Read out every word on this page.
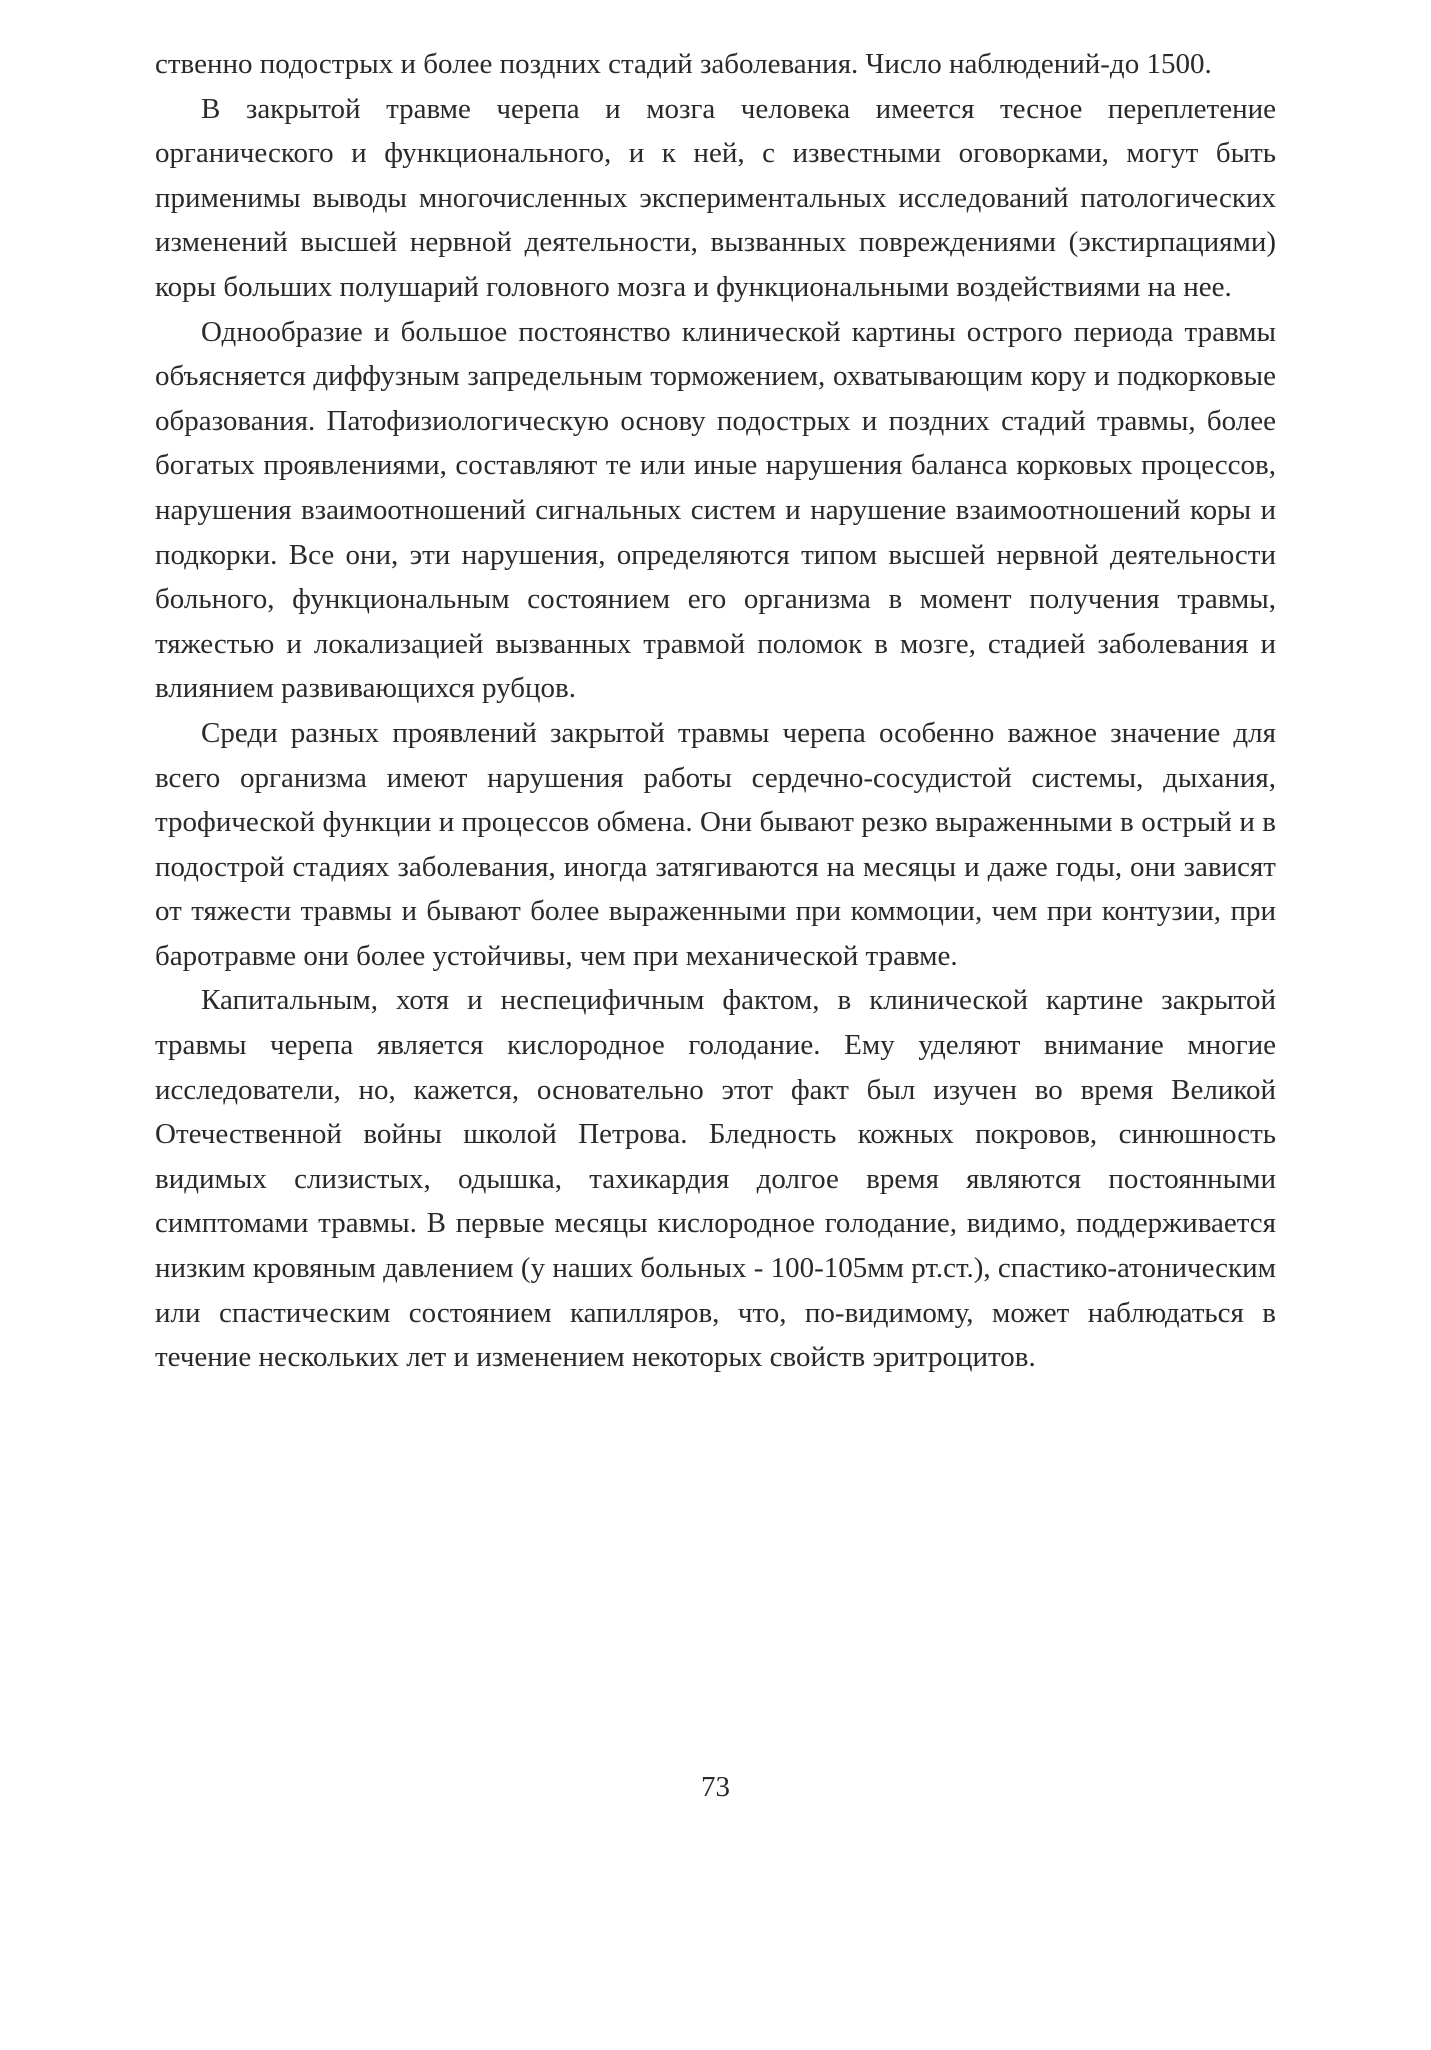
ственно подострых и более поздних стадий заболевания. Число наблюдений-до 1500.

В закрытой травме черепа и мозга человека имеется тесное переплетение органического и функционального, и к ней, с известными оговорками, могут быть применимы выводы многочисленных экспериментальных исследований патологических изменений высшей нервной деятельности, вызванных повреждениями (экстирпациями) коры больших полушарий головного мозга и функциональными воздействиями на нее.

Однообразие и большое постоянство клинической картины острого периода травмы объясняется диффузным запредельным торможением, охватывающим кору и подкорковые образования. Патофизиологическую основу подострых и поздних стадий травмы, более богатых проявлениями, составляют те или иные нарушения баланса корковых процессов, нарушения взаимоотношений сигнальных систем и нарушение взаимоотношений коры и подкорки. Все они, эти нарушения, определяются типом высшей нервной деятельности больного, функциональным состоянием его организма в момент получения травмы, тяжестью и локализацией вызванных травмой поломок в мозге, стадией заболевания и влиянием развивающихся рубцов.

Среди разных проявлений закрытой травмы черепа особенно важное значение для всего организма имеют нарушения работы сердечно-сосудистой системы, дыхания, трофической функции и процессов обмена. Они бывают резко выраженными в острый и в подострой стадиях заболевания, иногда затягиваются на месяцы и даже годы, они зависят от тяжести травмы и бывают более выраженными при коммоции, чем при контузии, при баротравме они более устойчивы, чем при механической травме.

Капитальным, хотя и неспецифичным фактом, в клинической картине закрытой травмы черепа является кислородное голодание. Ему уделяют внимание многие исследователи, но, кажется, основательно этот факт был изучен во время Великой Отечественной войны школой Петрова. Бледность кожных покровов, синюшность видимых слизистых, одышка, тахикардия долгое время являются постоянными симптомами травмы. В первые месяцы кислородное голодание, видимо, поддерживается низким кровяным давлением (у наших больных - 100-105мм рт.ст.), спастико-атоническим или спастическим состоянием капилляров, что, по-видимому, может наблюдаться в течение нескольких лет и изменением некоторых свойств эритроцитов.

73
